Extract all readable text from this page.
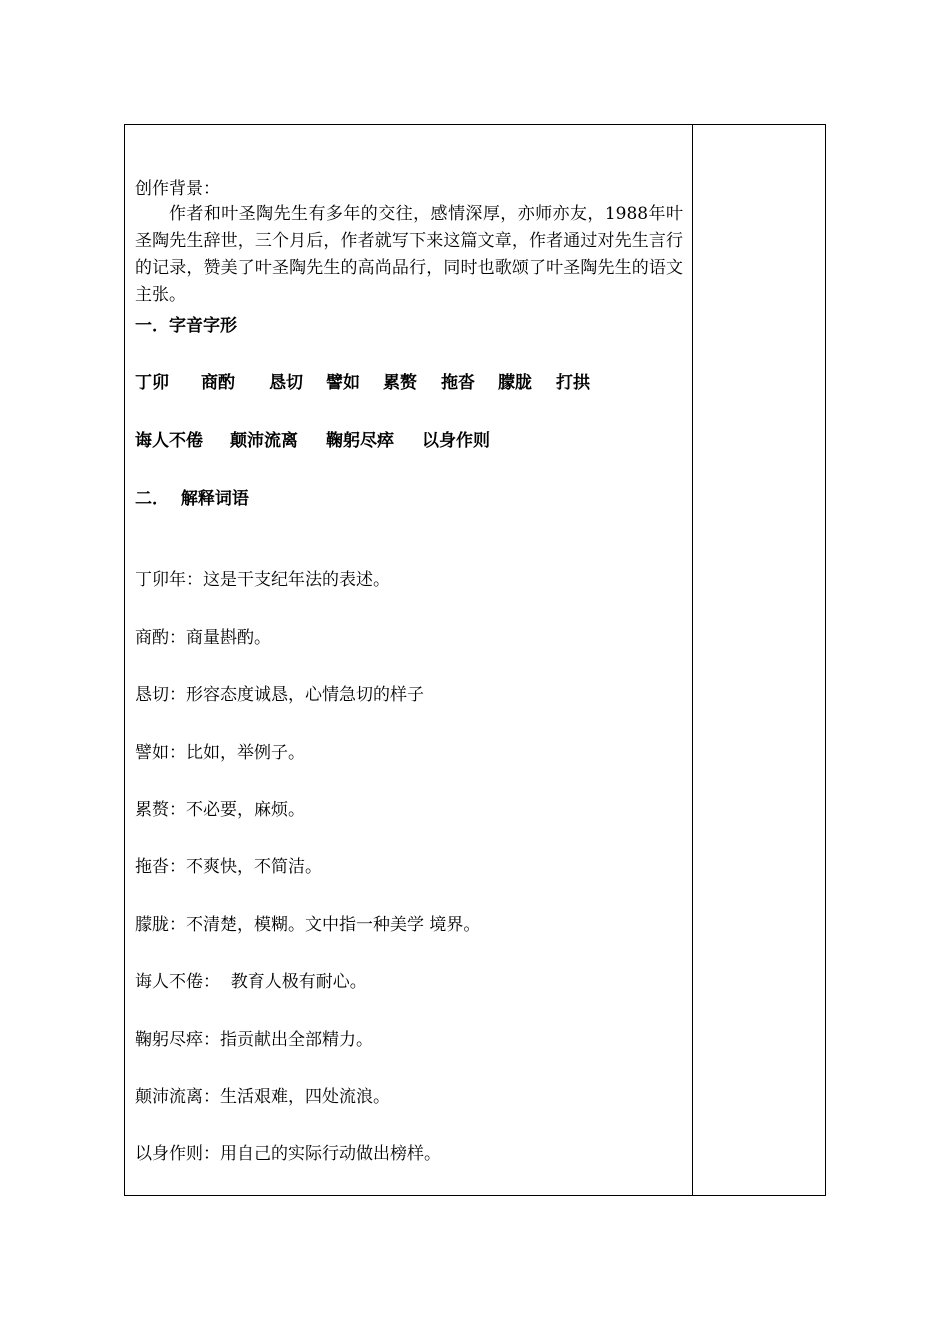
创作背景：
作者和叶圣陶先生有多年的交往，感情深厚，亦师亦友，1988年叶圣陶先生辞世，三个月后，作者就写下来这篇文章，作者通过对先生言行的记录，赞美了叶圣陶先生的高尚品行，同时也歌颂了叶圣陶先生的语文主张。
一．字音字形
丁卯 商酌 恳切 譬如 累赘 拖沓 朦胧 打拱
诲人不倦 颠沛流离 鞠躬尽瘁 以身作则
二．  解释词语
丁卯年：这是干支纪年法的表述。
商酌：商量斟酌。
恳切：形容态度诚恳，心情急切的样子
譬如：比如，举例子。
累赘：不必要，麻烦。
拖沓：不爽快，不简洁。
朦胧：不清楚，模糊。文中指一种美学 境界。
诲人不倦：  教育人极有耐心。
鞠躬尽瘁：指贡献出全部精力。
颠沛流离：生活艰难，四处流浪。
以身作则：用自己的实际行动做出榜样。
